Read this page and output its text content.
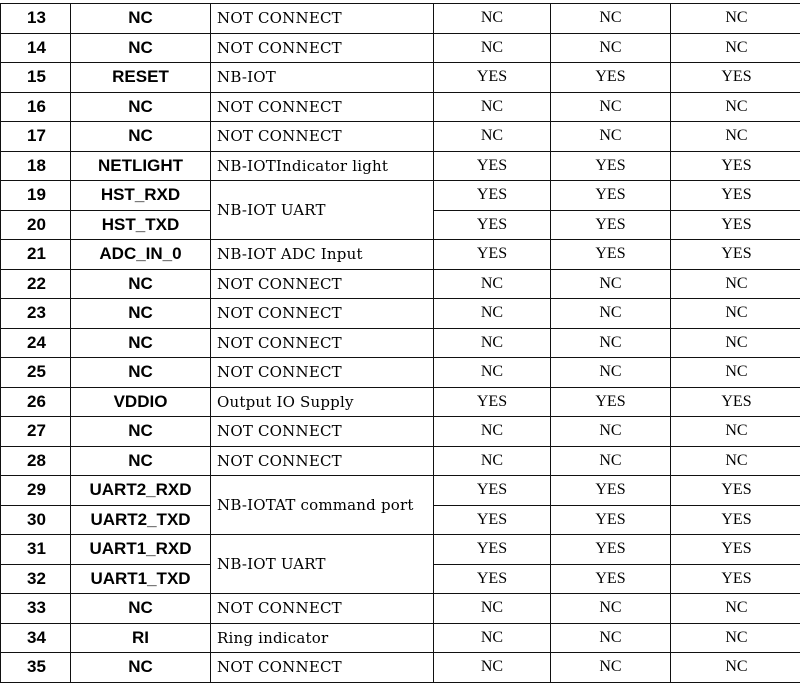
13	NC	NOT CONNECT	NC	NC	NC
14	NC	NOT CONNECT	NC	NC	NC
15	RESET	NB-IOT	YES	YES	YES
16	NC	NOT CONNECT	NC	NC	NC
17	NC	NOT CONNECT	NC	NC	NC
18	NETLIGHT	NB-IOTIndicator light	YES	YES	YES
19	HST_RXD	NB-IOT UART	YES	YES	YES
20	HST_TXD		YES	YES	YES
21	ADC_IN_0	NB-IOT ADC Input	YES	YES	YES
22	NC	NOT CONNECT	NC	NC	NC
23	NC	NOT CONNECT	NC	NC	NC
24	NC	NOT CONNECT	NC	NC	NC
25	NC	NOT CONNECT	NC	NC	NC
26	VDDIO	Output IO Supply	YES	YES	YES
27	NC	NOT CONNECT	NC	NC	NC
28	NC	NOT CONNECT	NC	NC	NC
29	UART2_RXD	NB-IOTAT command port	YES	YES	YES
30	UART2_TXD		YES	YES	YES
31	UART1_RXD	NB-IOT UART	YES	YES	YES
32	UART1_TXD		YES	YES	YES
33	NC	NOT CONNECT	NC	NC	NC
34	RI	Ring indicator	NC	NC	NC
35	NC	NOT CONNECT	NC	NC	NC
